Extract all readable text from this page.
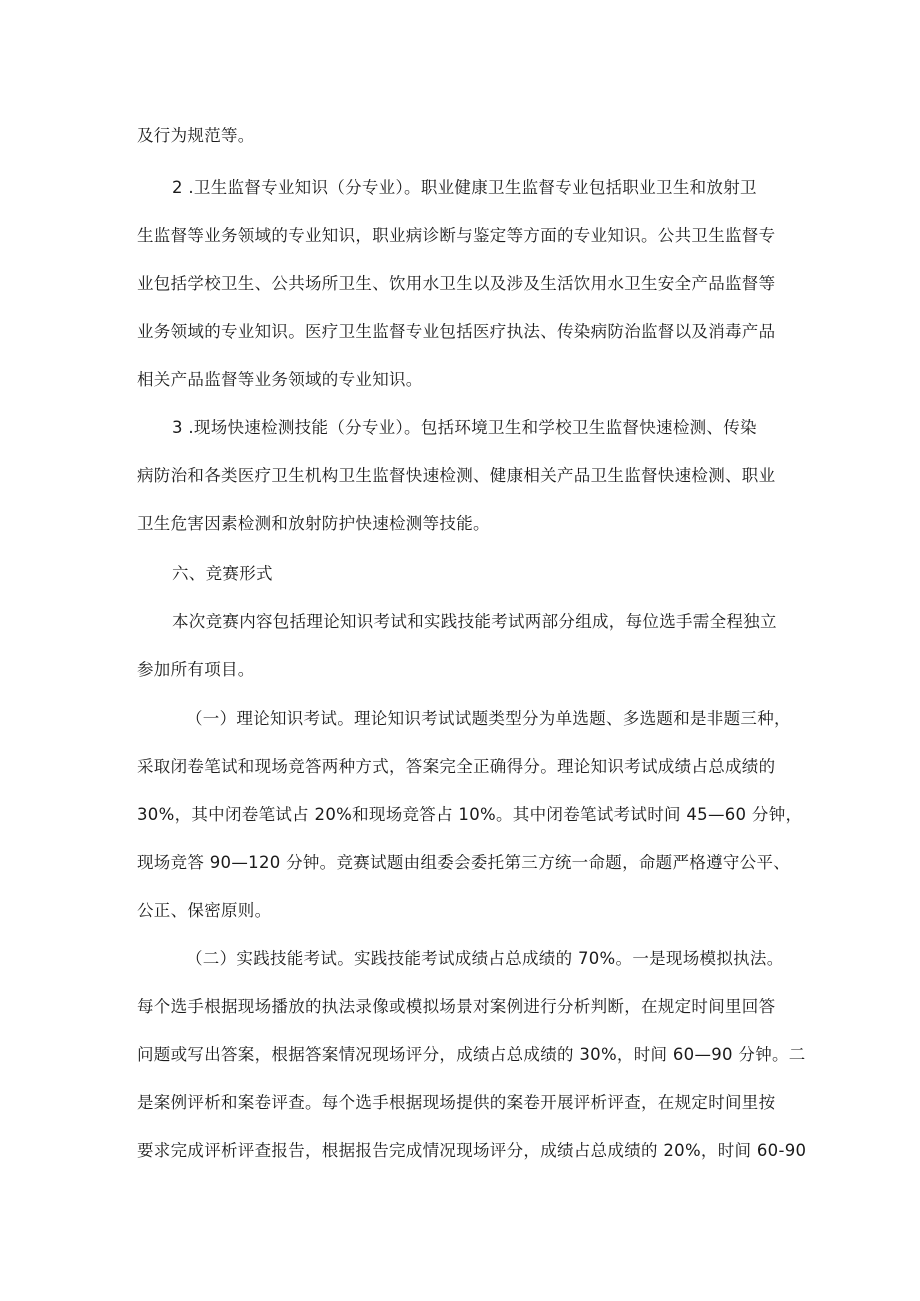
及行为规范等。
2 .卫生监督专业知识（分专业）。职业健康卫生监督专业包括职业卫生和放射卫
生监督等业务领域的专业知识，职业病诊断与鉴定等方面的专业知识。公共卫生监督专
业包括学校卫生、公共场所卫生、饮用水卫生以及涉及生活饮用水卫生安全产品监督等
业务领域的专业知识。医疗卫生监督专业包括医疗执法、传染病防治监督以及消毒产品
相关产品监督等业务领域的专业知识。
3 .现场快速检测技能（分专业）。包括环境卫生和学校卫生监督快速检测、传染
病防治和各类医疗卫生机构卫生监督快速检测、健康相关产品卫生监督快速检测、职业
卫生危害因素检测和放射防护快速检测等技能。
六、竞赛形式
本次竞赛内容包括理论知识考试和实践技能考试两部分组成，每位选手需全程独立
参加所有项目。
（一）理论知识考试。理论知识考试试题类型分为单选题、多选题和是非题三种，
采取闭卷笔试和现场竞答两种方式，答案完全正确得分。理论知识考试成绩占总成绩的
30%，其中闭卷笔试占 20%和现场竞答占 10%。其中闭卷笔试考试时间 45—60 分钟，
现场竞答 90—120 分钟。竞赛试题由组委会委托第三方统一命题，命题严格遵守公平、
公正、保密原则。
（二）实践技能考试。实践技能考试成绩占总成绩的 70%。一是现场模拟执法。
每个选手根据现场播放的执法录像或模拟场景对案例进行分析判断，在规定时间里回答
问题或写出答案，根据答案情况现场评分，成绩占总成绩的 30%，时间 60—90 分钟。二
是案例评析和案卷评查。每个选手根据现场提供的案卷开展评析评查，在规定时间里按
要求完成评析评查报告，根据报告完成情况现场评分，成绩占总成绩的 20%，时间 60-90
